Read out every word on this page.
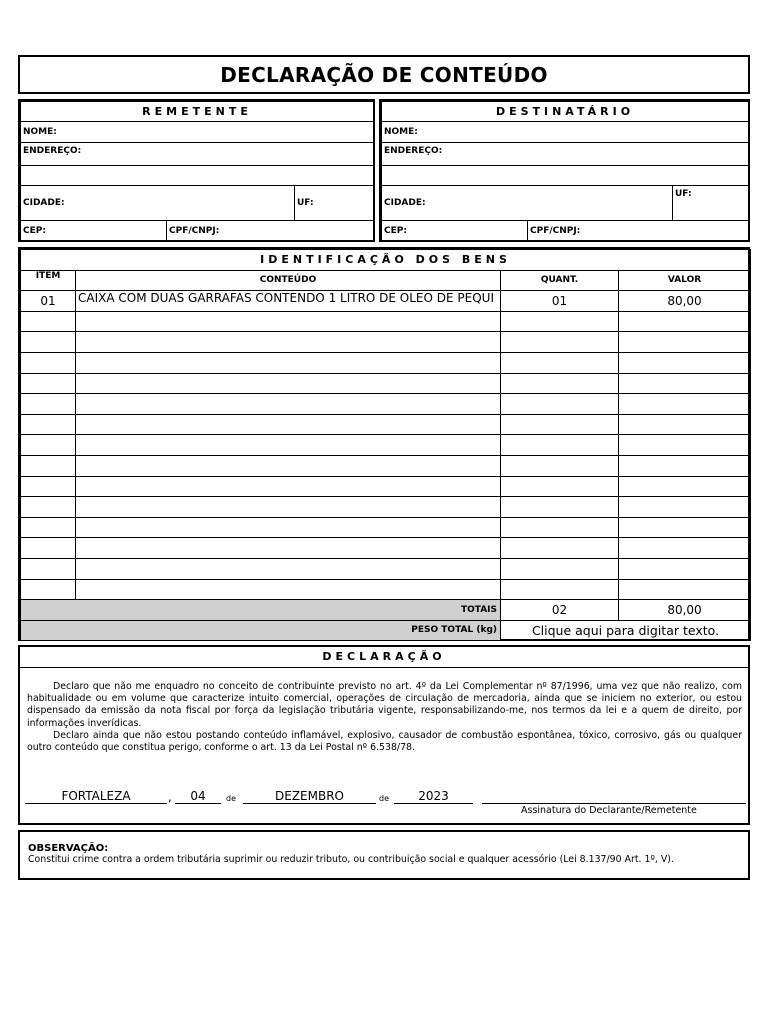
DECLARAÇÃO DE CONTEÚDO
REMETENTE		
NOME:		
ENDEREÇO:		

CIDADE:		UF:
CEP:	CPF/CNPJ:	
DESTINATÁRIO		
NOME:		
ENDEREÇO:		

CIDADE:		UF:
CEP:	CPF/CNPJ:	
IDENTIFICAÇÃO DOS BENS			
ITEM	CONTEÚDO	QUANT.	VALOR
01	CAIXA COM DUAS GARRAFAS CONTENDO 1 LITRO DE OLEO DE PEQUI	01	80,00

TOTAIS		02	80,00
PESO TOTAL (kg)		Clique aqui para digitar texto.	
DECLARAÇÃO

Declaro que não me enquadro no conceito de contribuinte previsto no art. 4º da Lei Complementar nº 87/1996, uma vez que não realizo, com habitualidade ou em volume que caracterize intuito comercial, operações de circulação de mercadoria, ainda que se iniciem no exterior, ou estou dispensado da emissão da nota fiscal por força da legislação tributária vigente, responsabilizando-me, nos termos da lei e a quem de direito, por informações inverídicas.

Declaro ainda que não estou postando conteúdo inflamável, explosivo, causador de combustão espontânea, tóxico, corrosivo, gás ou qualquer outro conteúdo que constitua perigo, conforme o art. 13 da Lei Postal nº 6.538/78.

FORTALEZA	,	04	de	DEZEMBRO	de	2023
Assinatura do Declarante/Remetente
OBSERVAÇÃO:
Constitui crime contra a ordem tributária suprimir ou reduzir tributo, ou contribuição social e qualquer acessório (Lei 8.137/90 Art. 1º, V).
